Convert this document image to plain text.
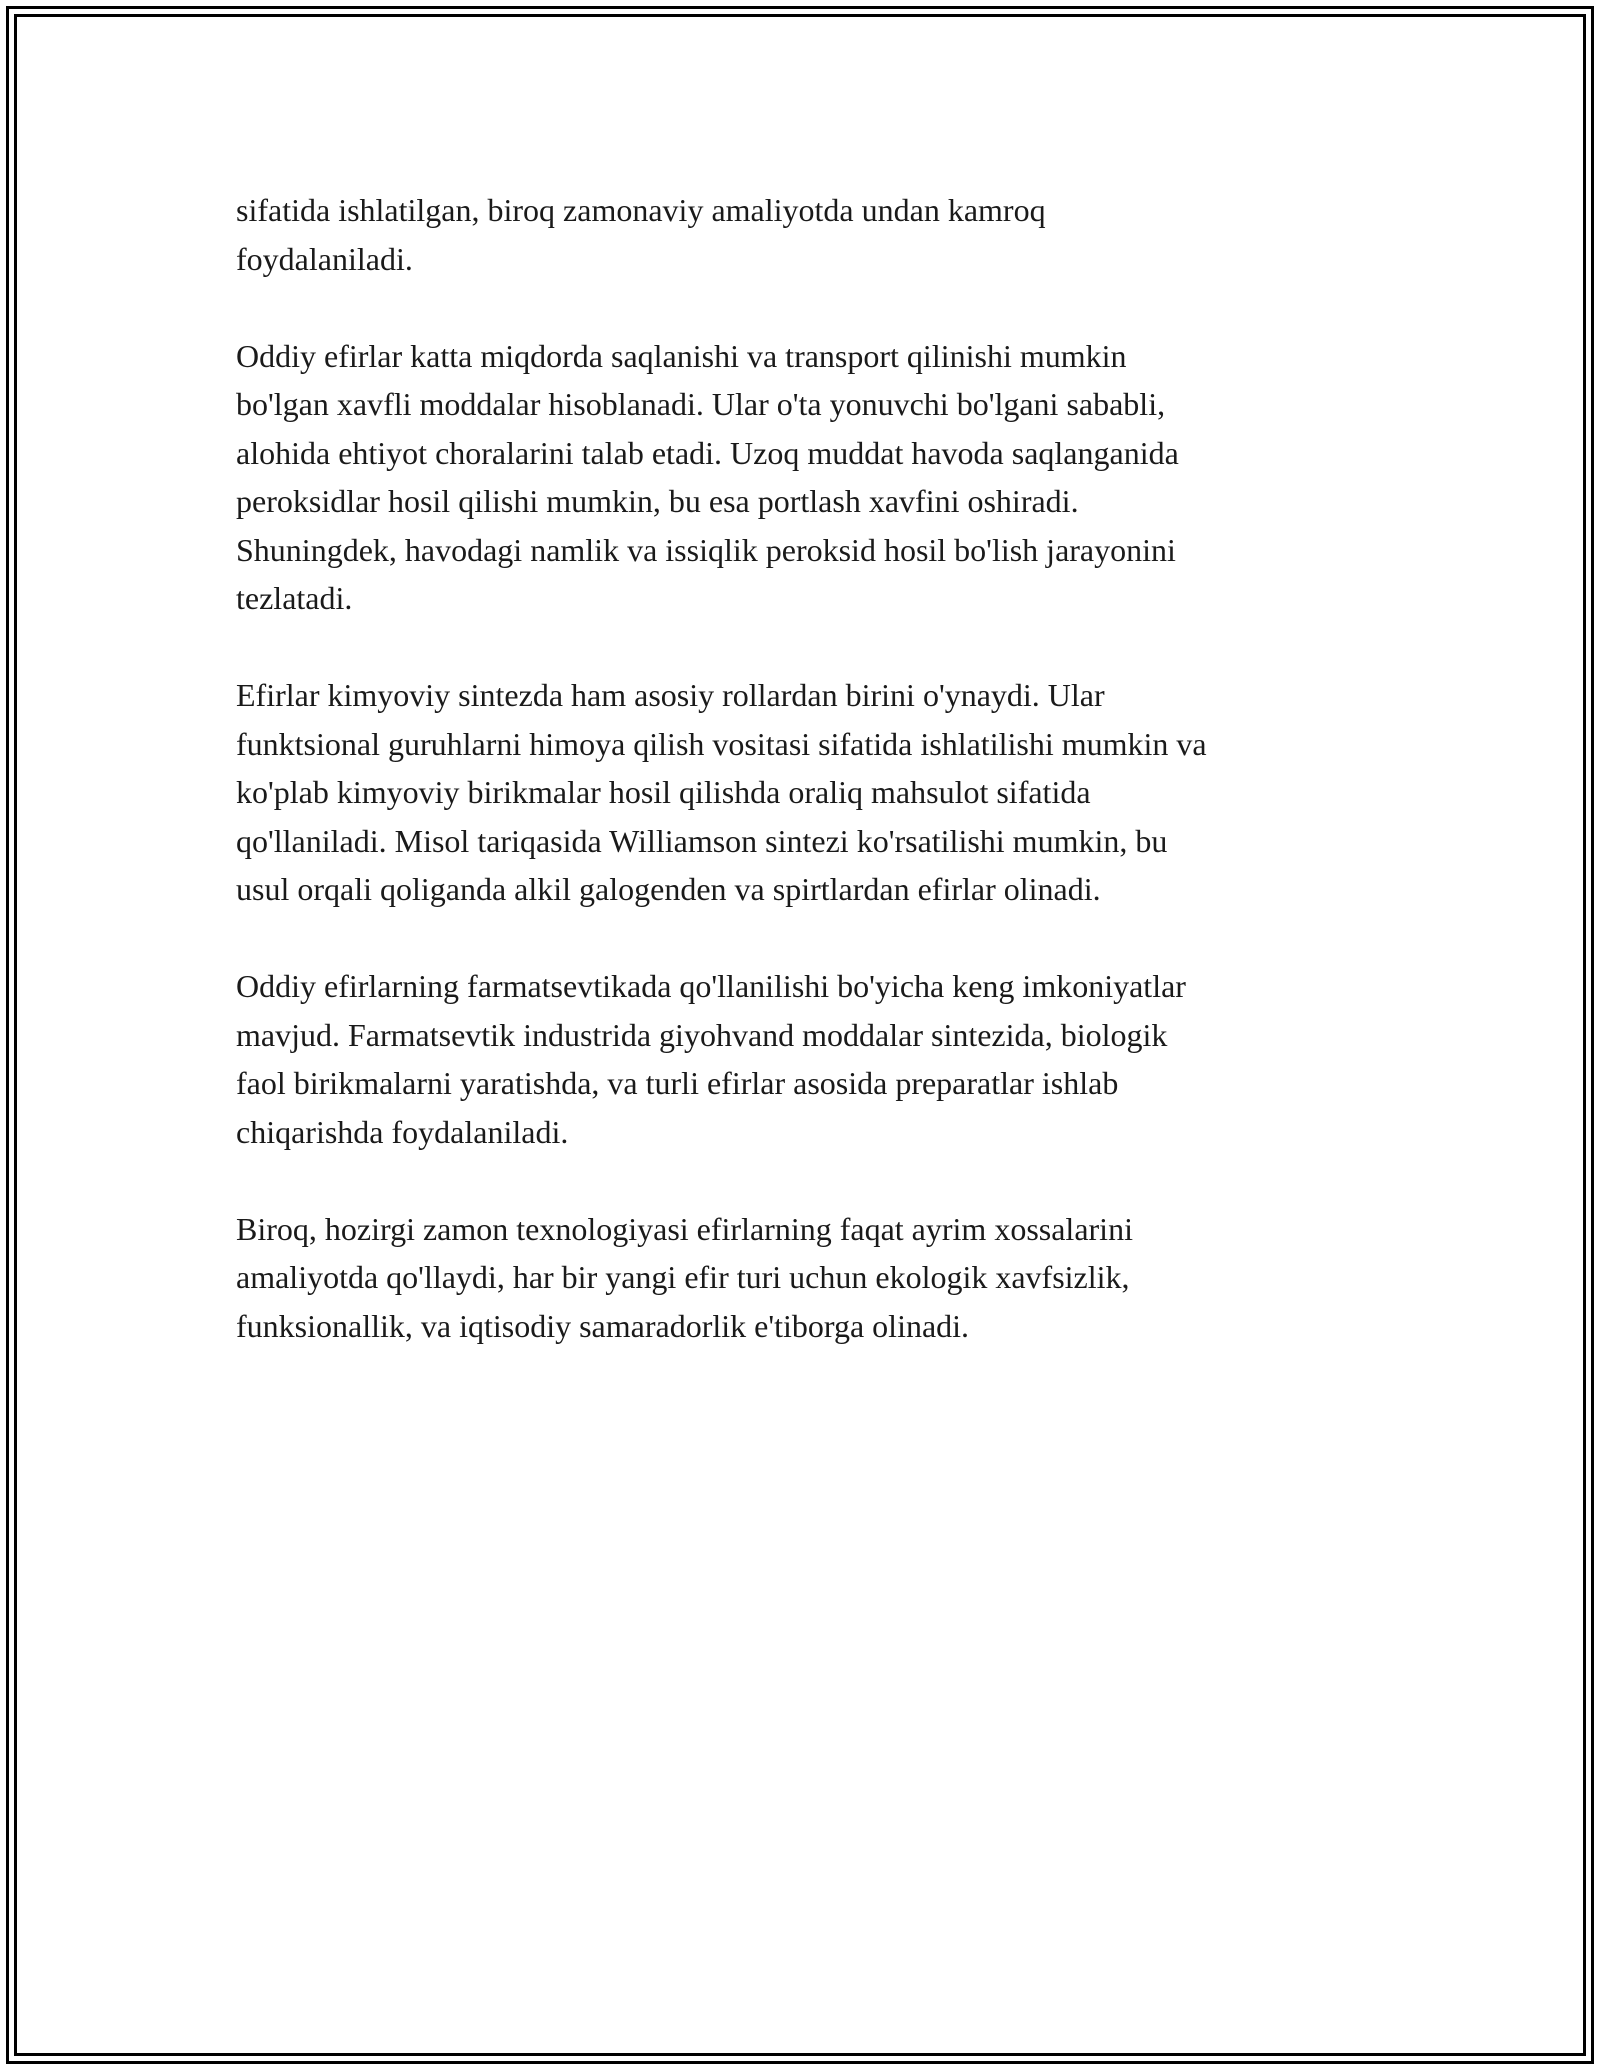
sifatida ishlatilgan, biroq zamonaviy amaliyotda undan kamroq
foydalaniladi.

Oddiy efirlar katta miqdorda saqlanishi va transport qilinishi mumkin
bo'lgan xavfli moddalar hisoblanadi. Ular o'ta yonuvchi bo'lgani sababli,
alohida ehtiyot choralarini talab etadi. Uzoq muddat havoda saqlanganida
peroksidlar hosil qilishi mumkin, bu esa portlash xavfini oshiradi.
Shuningdek, havodagi namlik va issiqlik peroksid hosil bo'lish jarayonini
tezlatadi.

Efirlar kimyoviy sintezda ham asosiy rollardan birini o'ynaydi. Ular
funktsional guruhlarni himoya qilish vositasi sifatida ishlatilishi mumkin va
ko'plab kimyoviy birikmalar hosil qilishda oraliq mahsulot sifatida
qo'llaniladi. Misol tariqasida Williamson sintezi ko'rsatilishi mumkin, bu
usul orqali qoliganda alkil galogenden va spirtlardan efirlar olinadi.

Oddiy efirlarning farmatsevtikada qo'llanilishi bo'yicha keng imkoniyatlar
mavjud. Farmatsevtik industrida giyohvand moddalar sintezida, biologik
faol birikmalarni yaratishda, va turli efirlar asosida preparatlar ishlab
chiqarishda foydalaniladi.

Biroq, hozirgi zamon texnologiyasi efirlarning faqat ayrim xossalarini
amaliyotda qo'llaydi, har bir yangi efir turi uchun ekologik xavfsizlik,
funksionallik, va iqtisodiy samaradorlik e'tiborga olinadi.
